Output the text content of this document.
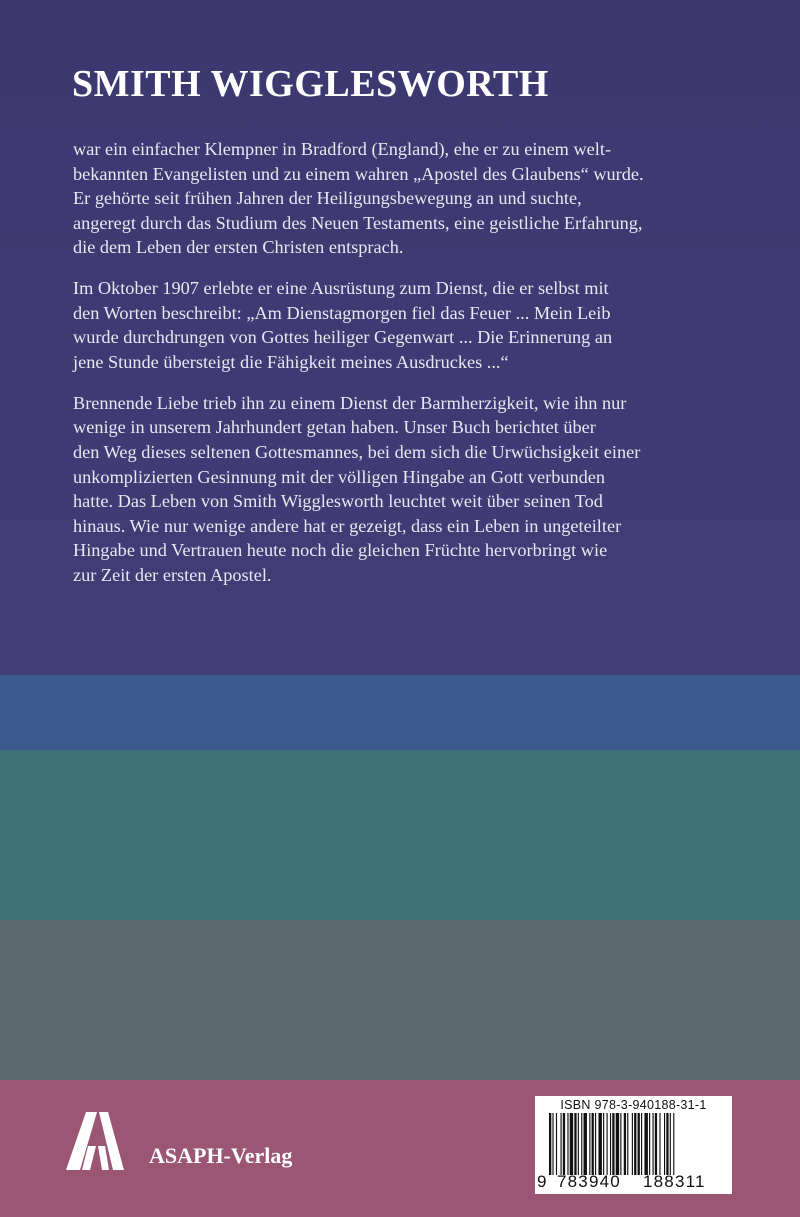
SMITH WIGGLESWORTH

war ein einfacher Klempner in Bradford (England), ehe er zu einem welt-
bekannten Evangelisten und zu einem wahren „Apostel des Glaubens“ wurde.
Er gehörte seit frühen Jahren der Heiligungsbewegung an und suchte,
angeregt durch das Studium des Neuen Testaments, eine geistliche Erfahrung,
die dem Leben der ersten Christen entsprach.

Im Oktober 1907 erlebte er eine Ausrüstung zum Dienst, die er selbst mit
den Worten beschreibt: „Am Dienstagmorgen fiel das Feuer ... Mein Leib
wurde durchdrungen von Gottes heiliger Gegenwart ... Die Erinnerung an
jene Stunde übersteigt die Fähigkeit meines Ausdruckes ...“

Brennende Liebe trieb ihn zu einem Dienst der Barmherzigkeit, wie ihn nur
wenige in unserem Jahrhundert getan haben. Unser Buch berichtet über
den Weg dieses seltenen Gottesmannes, bei dem sich die Urwüchsigkeit einer
unkomplizierten Gesinnung mit der völligen Hingabe an Gott verbunden
hatte. Das Leben von Smith Wigglesworth leuchtet weit über seinen Tod
hinaus. Wie nur wenige andere hat er gezeigt, dass ein Leben in ungeteilter
Hingabe und Vertrauen heute noch die gleichen Früchte hervorbringt wie
zur Zeit der ersten Apostel.

ASAPH-Verlag
ISBN 978-3-940188-31-1
9 783940 188311
